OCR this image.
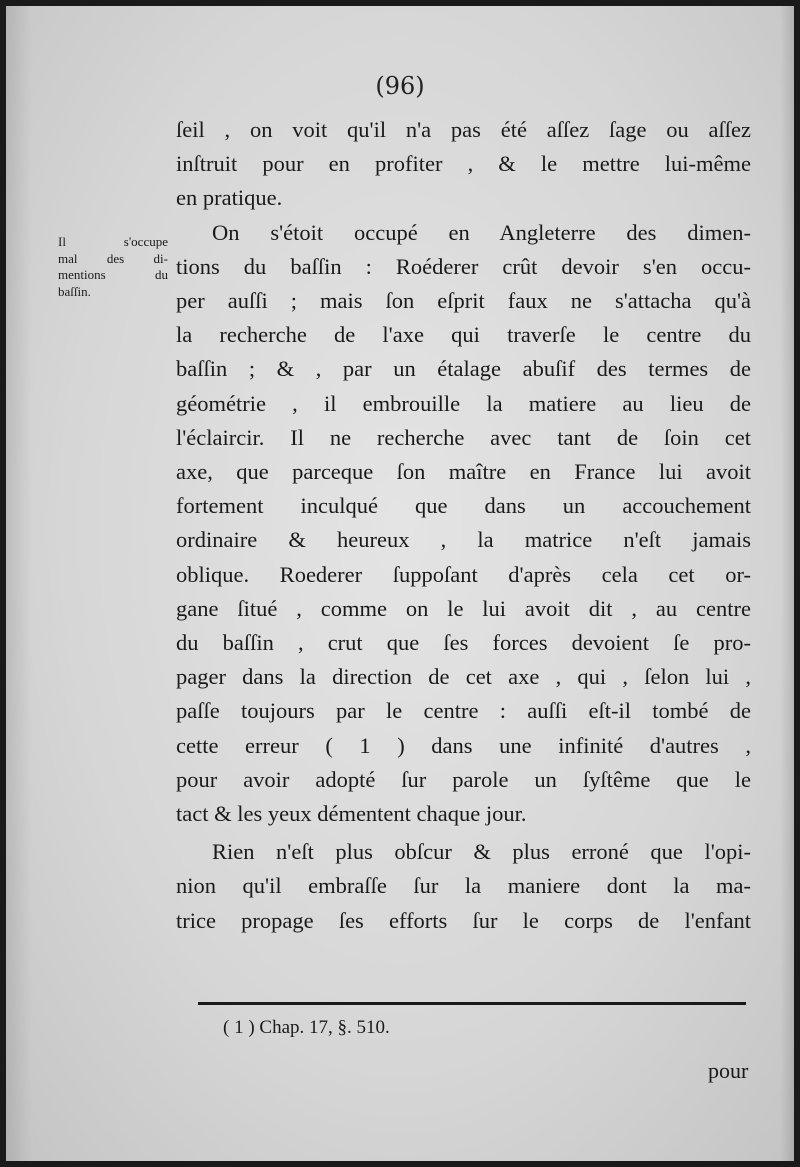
(96)
Il s'occupe
mal des di-
mentions du
baſſin.
ſeil , on voit qu'il n'a pas été aſſez ſage ou aſſez
inſtruit pour en profiter , & le mettre lui-même
en pratique.
On s'étoit occupé en Angleterre des dimen-
tions du baſſin : Roéderer crût devoir s'en occu-
per auſſi ; mais ſon eſprit faux ne s'attacha qu'à
la recherche de l'axe qui traverſe le centre du
baſſin ; & , par un étalage abuſif des termes de
géométrie , il embrouille la matiere au lieu de
l'éclaircir. Il ne recherche avec tant de ſoin cet
axe, que parceque ſon maître en France lui avoit
fortement inculqué que dans un accouchement
ordinaire & heureux , la matrice n'eſt jamais
oblique. Roederer ſuppoſant d'après cela cet or-
gane ſitué , comme on le lui avoit dit , au centre
du baſſin , crut que ſes forces devoient ſe pro-
pager dans la direction de cet axe , qui , ſelon lui ,
paſſe toujours par le centre : auſſi eſt-il tombé de
cette erreur ( 1 ) dans une infinité d'autres ,
pour avoir adopté ſur parole un ſyſtême que le
tact & les yeux démentent chaque jour.
Rien n'eſt plus obſcur & plus erroné que l'opi-
nion qu'il embraſſe ſur la maniere dont la ma-
trice propage ſes efforts ſur le corps de l'enfant
( 1 ) Chap. 17, §. 510.
pour
